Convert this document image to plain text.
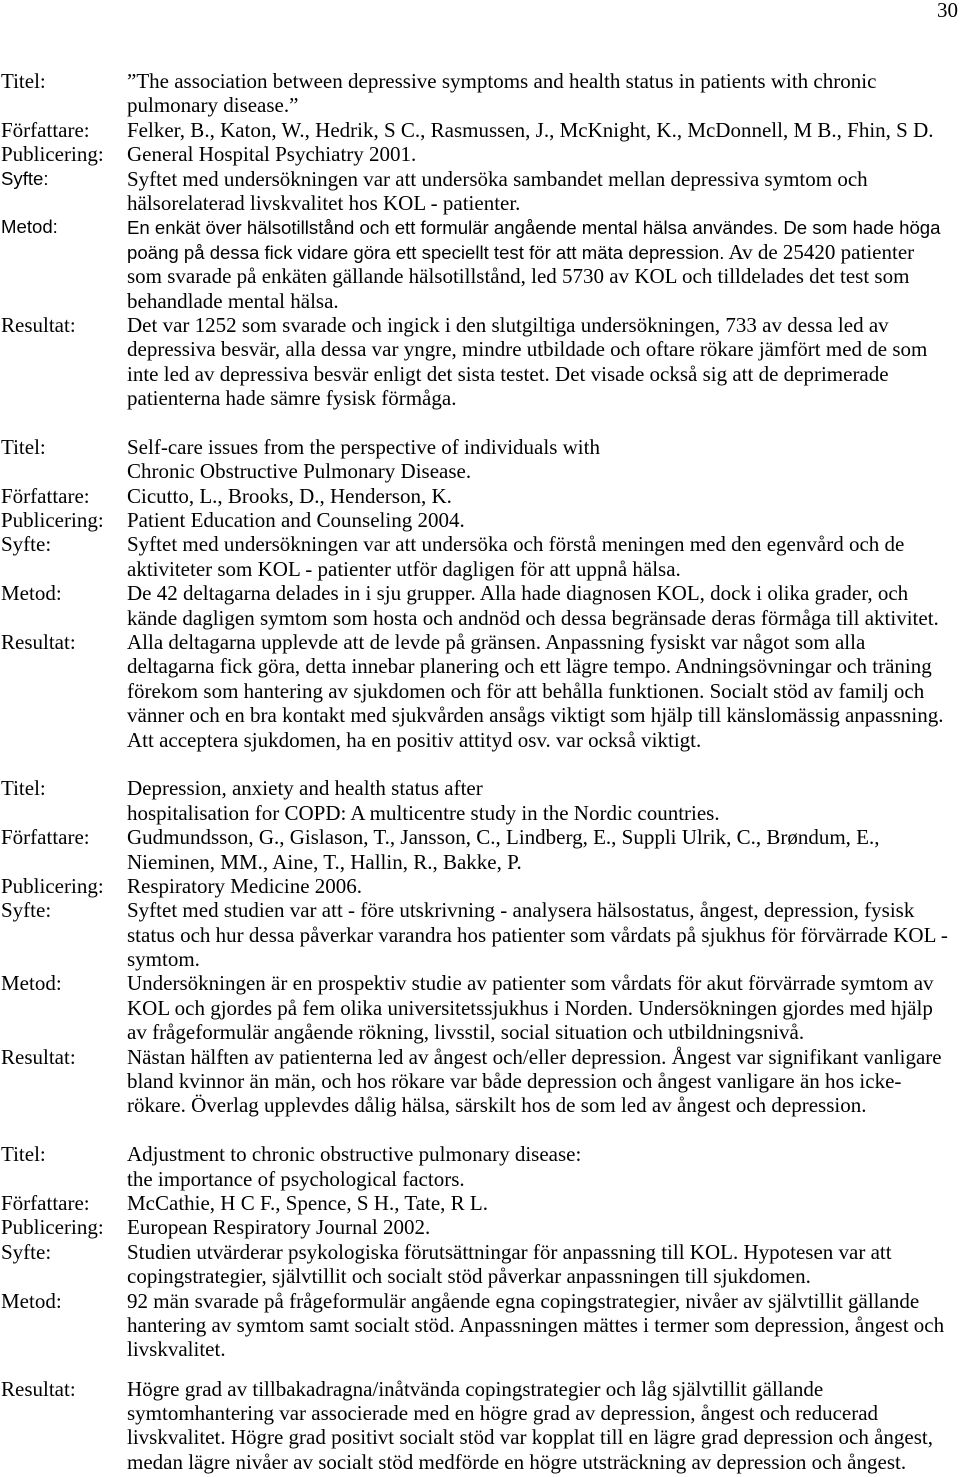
30
Titel:	”The association between depressive symptoms and health status in patients with chronic
pulmonary disease.”
Författare:	Felker, B., Katon, W., Hedrik, S C., Rasmussen, J., McKnight, K., McDonnell, M B., Fhin, S D.
Publicering:	General Hospital Psychiatry 2001.
Syfte:	Syftet med undersökningen var att undersöka sambandet mellan depressiva symtom och
hälsorelaterad livskvalitet hos KOL - patienter.
Metod:	En enkät över hälsotillstånd och ett formulär angående mental hälsa användes. De som hade höga
poäng på dessa fick vidare göra ett speciellt test för att mäta depression. Av de 25420 patienter
som svarade på enkäten gällande hälsotillstånd, led 5730 av KOL och tilldelades det test som
behandlade mental hälsa.
Resultat:	Det var 1252 som svarade och ingick i den slutgiltiga undersökningen, 733 av dessa led av
depressiva besvär, alla dessa var yngre, mindre utbildade och oftare rökare jämfört med de som
inte led av depressiva besvär enligt det sista testet. Det visade också sig att de deprimerade
patienterna hade sämre fysisk förmåga.
Titel:	Self-care issues from the perspective of individuals with
Chronic Obstructive Pulmonary Disease.
Författare:	Cicutto, L., Brooks, D., Henderson, K.
Publicering:	Patient Education and Counseling 2004.
Syfte:	Syftet med undersökningen var att undersöka och förstå meningen med den egenvård och de
aktiviteter som KOL - patienter utför dagligen för att uppnå hälsa.
Metod:	De 42 deltagarna delades in i sju grupper. Alla hade diagnosen KOL, dock i olika grader, och
kände dagligen symtom som hosta och andnöd och dessa begränsade deras förmåga till aktivitet.
Resultat:	Alla deltagarna upplevde att de levde på gränsen. Anpassning fysiskt var något som alla
deltagarna fick göra, detta innebar planering och ett lägre tempo. Andningsövningar och träning
förekom som hantering av sjukdomen och för att behålla funktionen. Socialt stöd av familj och
vänner och en bra kontakt med sjukvården ansågs viktigt som hjälp till känslomässig anpassning.
Att acceptera sjukdomen, ha en positiv attityd osv. var också viktigt.
Titel:	Depression, anxiety and health status after
hospitalisation for COPD: A multicentre study in the Nordic countries.
Författare:	Gudmundsson, G., Gislason, T., Jansson, C., Lindberg, E., Suppli Ulrik, C., Brøndum, E.,
Nieminen, MM., Aine, T., Hallin, R., Bakke, P.
Publicering:	Respiratory Medicine 2006.
Syfte:	Syftet med studien var att - före utskrivning - analysera hälsostatus, ångest, depression, fysisk
status och hur dessa påverkar varandra hos patienter som vårdats på sjukhus för förvärrade KOL -
symtom.
Metod:	Undersökningen är en prospektiv studie av patienter som vårdats för akut förvärrade symtom av
KOL och gjordes på fem olika universitetssjukhus i Norden. Undersökningen gjordes med hjälp
av frågeformulär angående rökning, livsstil, social situation och utbildningsnivå.
Resultat:	Nästan hälften av patienterna led av ångest och/eller depression. Ångest var signifikant vanligare
bland kvinnor än män, och hos rökare var både depression och ångest vanligare än hos icke-
rökare. Överlag upplevdes dålig hälsa, särskilt hos de som led av ångest och depression.
Titel:	Adjustment to chronic obstructive pulmonary disease:
the importance of psychological factors.
Författare:	McCathie, H C F., Spence, S H., Tate, R L.
Publicering:	European Respiratory Journal 2002.
Syfte:	Studien utvärderar psykologiska förutsättningar för anpassning till KOL. Hypotesen var att
copingstrategier, självtillit och socialt stöd påverkar anpassningen till sjukdomen.
Metod:	92 män svarade på frågeformulär angående egna copingstrategier, nivåer av självtillit gällande
hantering av symtom samt socialt stöd. Anpassningen mättes i termer som depression, ångest och
livskvalitet.
Resultat:	Högre grad av tillbakadragna/inåtvända copingstrategier och låg självtillit gällande
symtomhantering var associerade med en högre grad av depression, ångest och reducerad
livskvalitet. Högre grad positivt socialt stöd var kopplat till en lägre grad depression och ångest,
medan lägre nivåer av socialt stöd medförde en högre utsträckning av depression och ångest.
